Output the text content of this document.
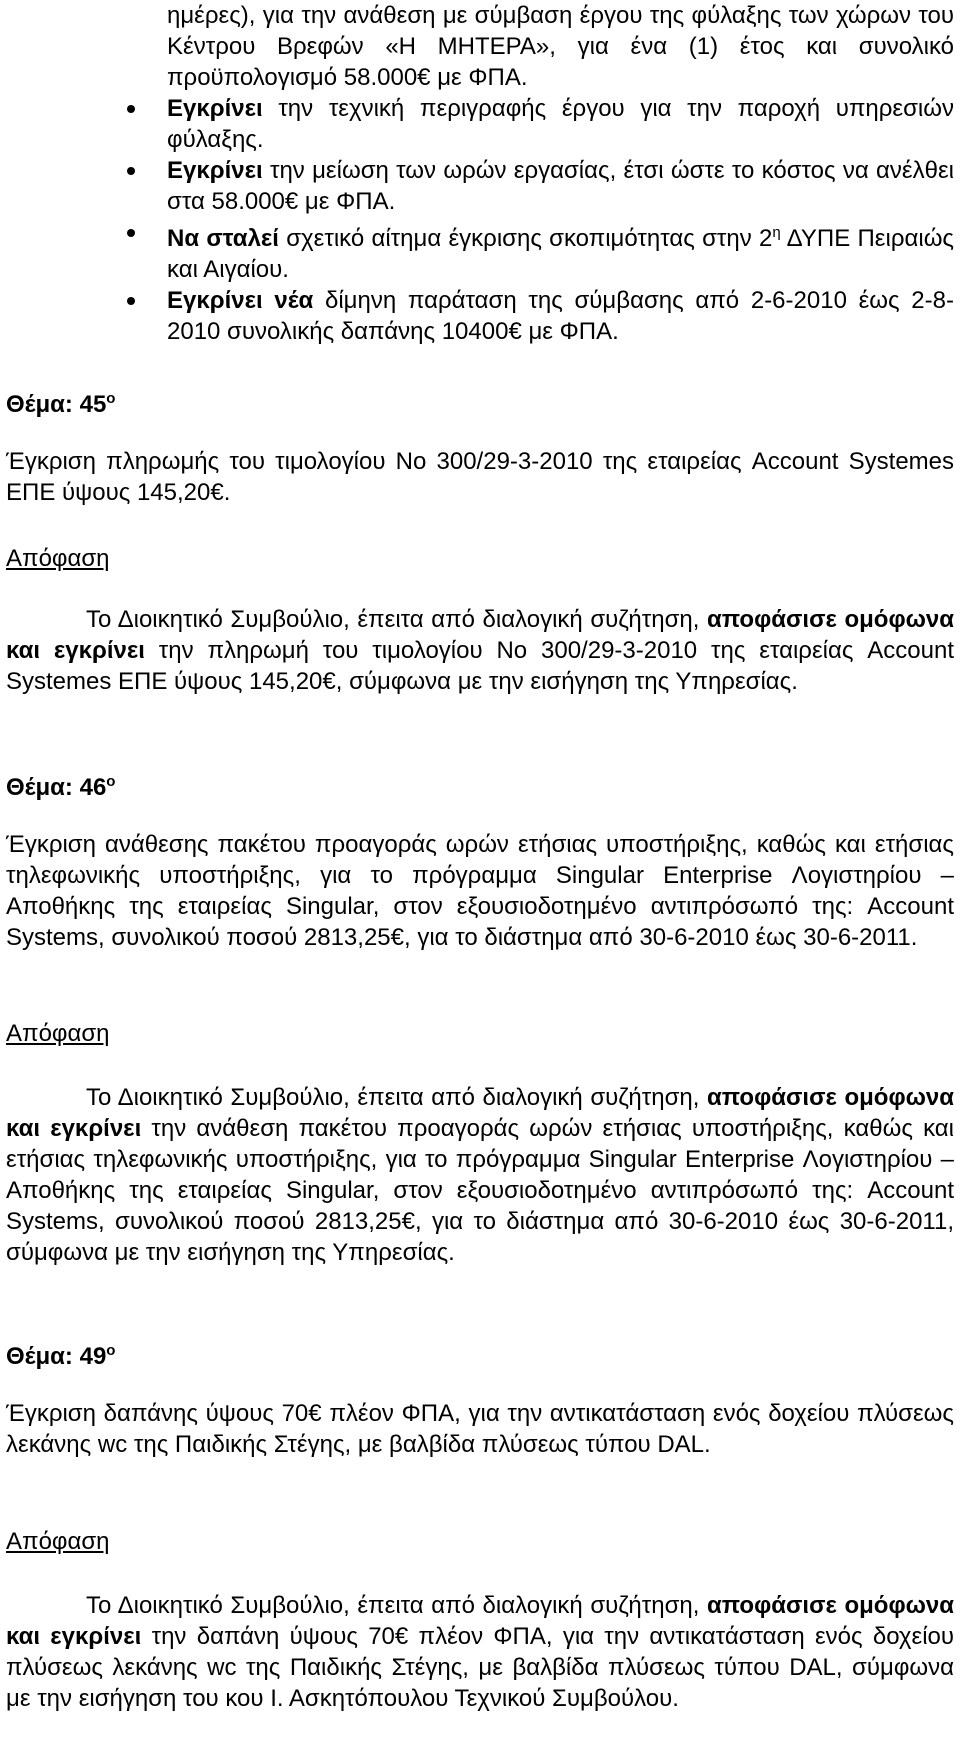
ημέρες), για την ανάθεση με σύμβαση έργου της φύλαξης των χώρων του Κέντρου Βρεφών «Η ΜΗΤΕΡΑ», για ένα (1) έτος και συνολικό προϋπολογισμό 58.000€ με ΦΠΑ.

Εγκρίνει την τεχνική περιγραφής έργου για την παροχή υπηρεσιών φύλαξης.
Εγκρίνει την μείωση των ωρών εργασίας, έτσι ώστε το κόστος να ανέλθει στα 58.000€ με ΦΠΑ.
Να σταλεί σχετικό αίτημα έγκρισης σκοπιμότητας στην $2^\eta$ ΔΥΠΕ Πειραιώς και Αιγαίου.
Εγκρίνει νέα δίμηνη παράταση της σύμβασης από 2-6-2010 έως 2-8-2010 συνολικής δαπάνης 10400€ με ΦΠΑ.
Θέμα: $45^o$

Έγκριση πληρωμής του τιμολογίου Νο 300/29-3-2010 της εταιρείας Account Systemes ΕΠΕ ύψους 145,20€.

Απόφαση

Το Διοικητικό Συμβούλιο, έπειτα από διαλογική συζήτηση, αποφάσισε ομόφωνα και εγκρίνει την πληρωμή του τιμολογίου Νο 300/29-3-2010 της εταιρείας Account Systemes ΕΠΕ ύψους 145,20€, σύμφωνα με την εισήγηση της Υπηρεσίας.

Θέμα: $46^o$

Έγκριση ανάθεσης πακέτου προαγοράς ωρών ετήσιας υποστήριξης, καθώς και ετήσιας τηλεφωνικής υποστήριξης, για το πρόγραμμα Singular Enterprise Λογιστηρίου – Αποθήκης της εταιρείας Singular, στον εξουσιοδοτημένο αντιπρόσωπό της: Account Systems, συνολικού ποσού 2813,25€, για το διάστημα από 30-6-2010 έως 30-6-2011.

Απόφαση

Το Διοικητικό Συμβούλιο, έπειτα από διαλογική συζήτηση, αποφάσισε ομόφωνα και εγκρίνει την ανάθεση πακέτου προαγοράς ωρών ετήσιας υποστήριξης, καθώς και ετήσιας τηλεφωνικής υποστήριξης, για το πρόγραμμα Singular Enterprise Λογιστηρίου – Αποθήκης της εταιρείας Singular, στον εξουσιοδοτημένο αντιπρόσωπό της: Account Systems, συνολικού ποσού 2813,25€, για το διάστημα από 30-6-2010 έως 30-6-2011, σύμφωνα με την εισήγηση της Υπηρεσίας.

Θέμα: $49^o$

Έγκριση δαπάνης ύψους 70€ πλέον ΦΠΑ, για την αντικατάσταση ενός δοχείου πλύσεως λεκάνης wc της Παιδικής Στέγης, με βαλβίδα πλύσεως τύπου DAL.

Απόφαση

Το Διοικητικό Συμβούλιο, έπειτα από διαλογική συζήτηση, αποφάσισε ομόφωνα και εγκρίνει την δαπάνη ύψους 70€ πλέον ΦΠΑ, για την αντικατάσταση ενός δοχείου πλύσεως λεκάνης wc της Παιδικής Στέγης, με βαλβίδα πλύσεως τύπου DAL, σύμφωνα με την εισήγηση του κου Ι. Ασκητόπουλου Τεχνικού Συμβούλου.
